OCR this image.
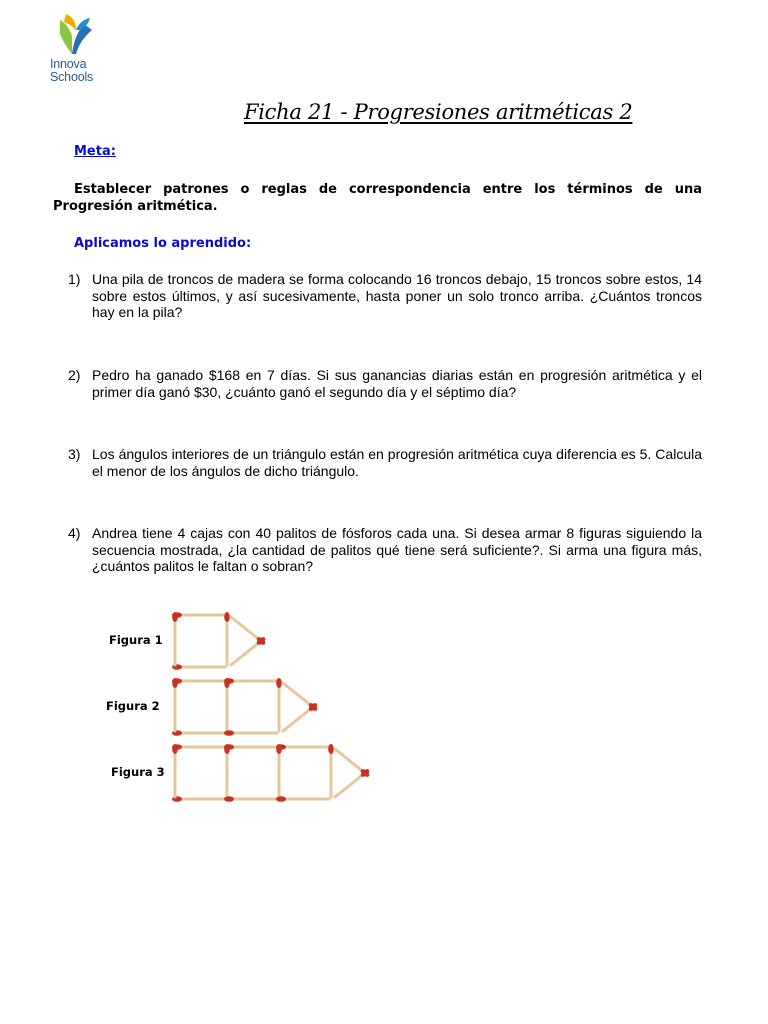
Innova
Schools
Ficha 21 - Progresiones aritméticas 2
Meta:
Establecer patrones o reglas de correspondencia entre los términos de una Progresión aritmética.
Aplicamos lo aprendido:
1) Una pila de troncos de madera se forma colocando 16 troncos debajo, 15 troncos sobre estos, 14 sobre estos últimos, y así sucesivamente, hasta poner un solo tronco arriba. ¿Cuántos troncos hay en la pila?
2) Pedro ha ganado $168 en 7 días. Si sus ganancias diarias están en progresión aritmética y el primer día ganó $30, ¿cuánto ganó el segundo día y el séptimo día?
3) Los ángulos interiores de un triángulo están en progresión aritmética cuya diferencia es 5. Calcula el menor de los ángulos de dicho triángulo.
4) Andrea tiene 4 cajas con 40 palitos de fósforos cada una. Si desea armar 8 figuras siguiendo la secuencia mostrada, ¿la cantidad de palitos qué tiene será suficiente?. Si arma una figura más, ¿cuántos palitos le faltan o sobran?
Figura 1
Figura 2
Figura 3
